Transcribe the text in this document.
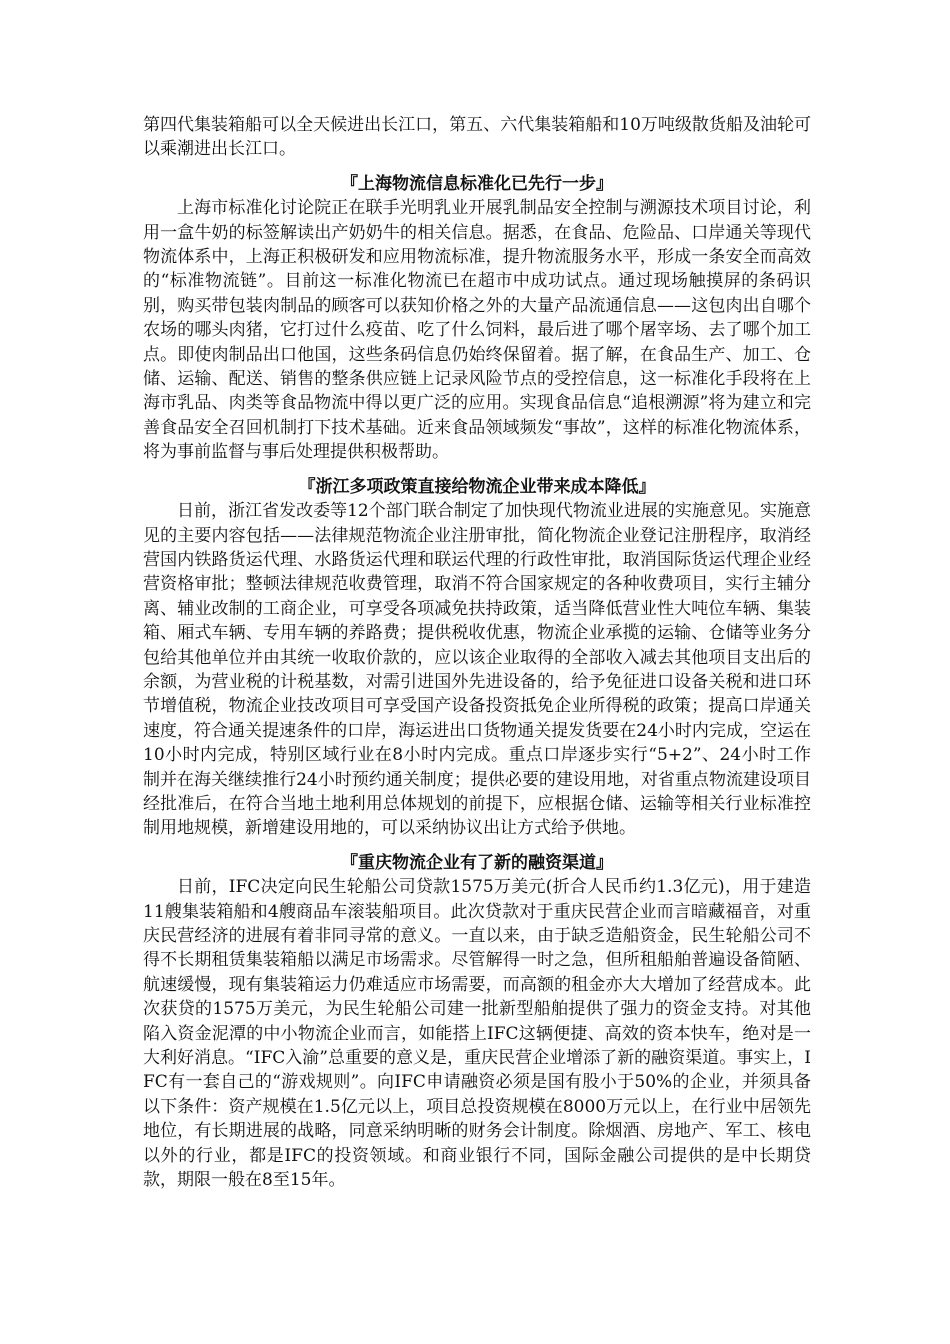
第四代集装箱船可以全天候进出长江口，第五、六代集装箱船和10万吨级散货船及油轮可以乘潮进出长江口。

『上海物流信息标准化已先行一步』

上海市标准化讨论院正在联手光明乳业开展乳制品安全控制与溯源技术项目讨论，利用一盒牛奶的标签解读出产奶奶牛的相关信息。据悉，在食品、危险品、口岸通关等现代物流体系中，上海正积极研发和应用物流标准，提升物流服务水平，形成一条安全而高效的“标准物流链”。目前这一标准化物流已在超市中成功试点。通过现场触摸屏的条码识别，购买带包装肉制品的顾客可以获知价格之外的大量产品流通信息——这包肉出自哪个农场的哪头肉猪，它打过什么疫苗、吃了什么饲料，最后进了哪个屠宰场、去了哪个加工点。即使肉制品出口他国，这些条码信息仍始终保留着。据了解，在食品生产、加工、仓储、运输、配送、销售的整条供应链上记录风险节点的受控信息，这一标准化手段将在上海市乳品、肉类等食品物流中得以更广泛的应用。实现食品信息“追根溯源”将为建立和完善食品安全召回机制打下技术基础。近来食品领域频发“事故”，这样的标准化物流体系，将为事前监督与事后处理提供积极帮助。

『浙江多项政策直接给物流企业带来成本降低』

日前，浙江省发改委等12个部门联合制定了加快现代物流业进展的实施意见。实施意见的主要内容包括——法律规范物流企业注册审批，简化物流企业登记注册程序，取消经营国内铁路货运代理、水路货运代理和联运代理的行政性审批，取消国际货运代理企业经营资格审批；整顿法律规范收费管理，取消不符合国家规定的各种收费项目，实行主辅分离、辅业改制的工商企业，可享受各项减免扶持政策，适当降低营业性大吨位车辆、集装箱、厢式车辆、专用车辆的养路费；提供税收优惠，物流企业承揽的运输、仓储等业务分包给其他单位并由其统一收取价款的，应以该企业取得的全部收入减去其他项目支出后的余额，为营业税的计税基数，对需引进国外先进设备的，给予免征进口设备关税和进口环节增值税，物流企业技改项目可享受国产设备投资抵免企业所得税的政策；提高口岸通关速度，符合通关提速条件的口岸，海运进出口货物通关提发货要在24小时内完成，空运在10小时内完成，特别区域行业在8小时内完成。重点口岸逐步实行“5+2”、24小时工作制并在海关继续推行24小时预约通关制度；提供必要的建设用地，对省重点物流建设项目经批准后，在符合当地土地利用总体规划的前提下，应根据仓储、运输等相关行业标准控制用地规模，新增建设用地的，可以采纳协议出让方式给予供地。

『重庆物流企业有了新的融资渠道』

日前，IFC决定向民生轮船公司贷款1575万美元(折合人民币约1.3亿元)，用于建造11艘集装箱船和4艘商品车滚装船项目。此次贷款对于重庆民营企业而言暗藏福音，对重庆民营经济的进展有着非同寻常的意义。一直以来，由于缺乏造船资金，民生轮船公司不得不长期租赁集装箱船以满足市场需求。尽管解得一时之急，但所租船舶普遍设备简陋、航速缓慢，现有集装箱运力仍难适应市场需要，而高额的租金亦大大增加了经营成本。此次获贷的1575万美元，为民生轮船公司建一批新型船舶提供了强力的资金支持。对其他陷入资金泥潭的中小物流企业而言，如能搭上IFC这辆便捷、高效的资本快车，绝对是一大利好消息。“IFC入渝”总重要的意义是，重庆民营企业增添了新的融资渠道。事实上，IFC有一套自己的“游戏规则”。向IFC申请融资必须是国有股小于50%的企业，并须具备以下条件：资产规模在1.5亿元以上，项目总投资规模在8000万元以上，在行业中居领先地位，有长期进展的战略，同意采纳明晰的财务会计制度。除烟酒、房地产、军工、核电以外的行业，都是IFC的投资领域。和商业银行不同，国际金融公司提供的是中长期贷款，期限一般在8至15年。
